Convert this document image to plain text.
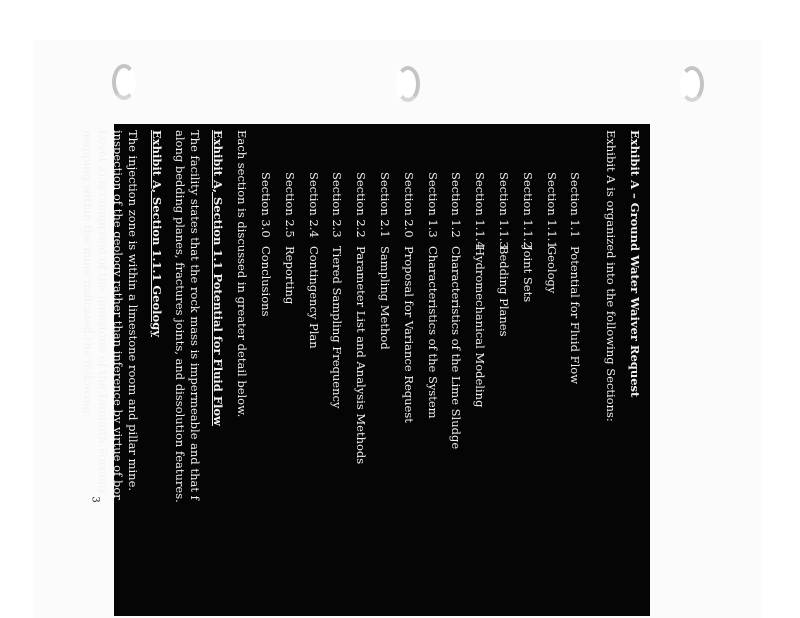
3
Exhibit A – Ground Water Waiver Request
Exhibit A is organized into the following Sections:
Section 1.1
Potential for Fluid Flow
Section 1.1.1
Geology
Section 1.1.2
Joint Sets
Section 1.1.3
Bedding Planes
Section 1.1.4
Hydromechanical Modeling
Section 1.2
Characteristics of the Lime Sludge
Section 1.3
Characteristics of the System
Section 2.0
Proposal for Variance Request
Section 2.1
Sampling Method
Section 2.2
Parameter List and Analysis Methods
Section 2.3
Tiered Sampling Frequency
Section 2.4
Contingency Plan
Section 2.5
Reporting
Section 3.0
Conclusions
Each section is discussed in greater detail below.
Exhibit A, Section 1.1 Potential for Fluid Flow
The facility states that the rock mass is impermeable and that f
along bedding planes, fractures joints, and dissolution features.
Exhibit A, Section 1.1.1 Geology
The injection zone is within a limestone room and pillar mine.
inspection of the geology rather than inference by virtue of bor
Level 2) is comprised of the limestone of the Dunleith Formati
mapping within the mine indicated the following:
